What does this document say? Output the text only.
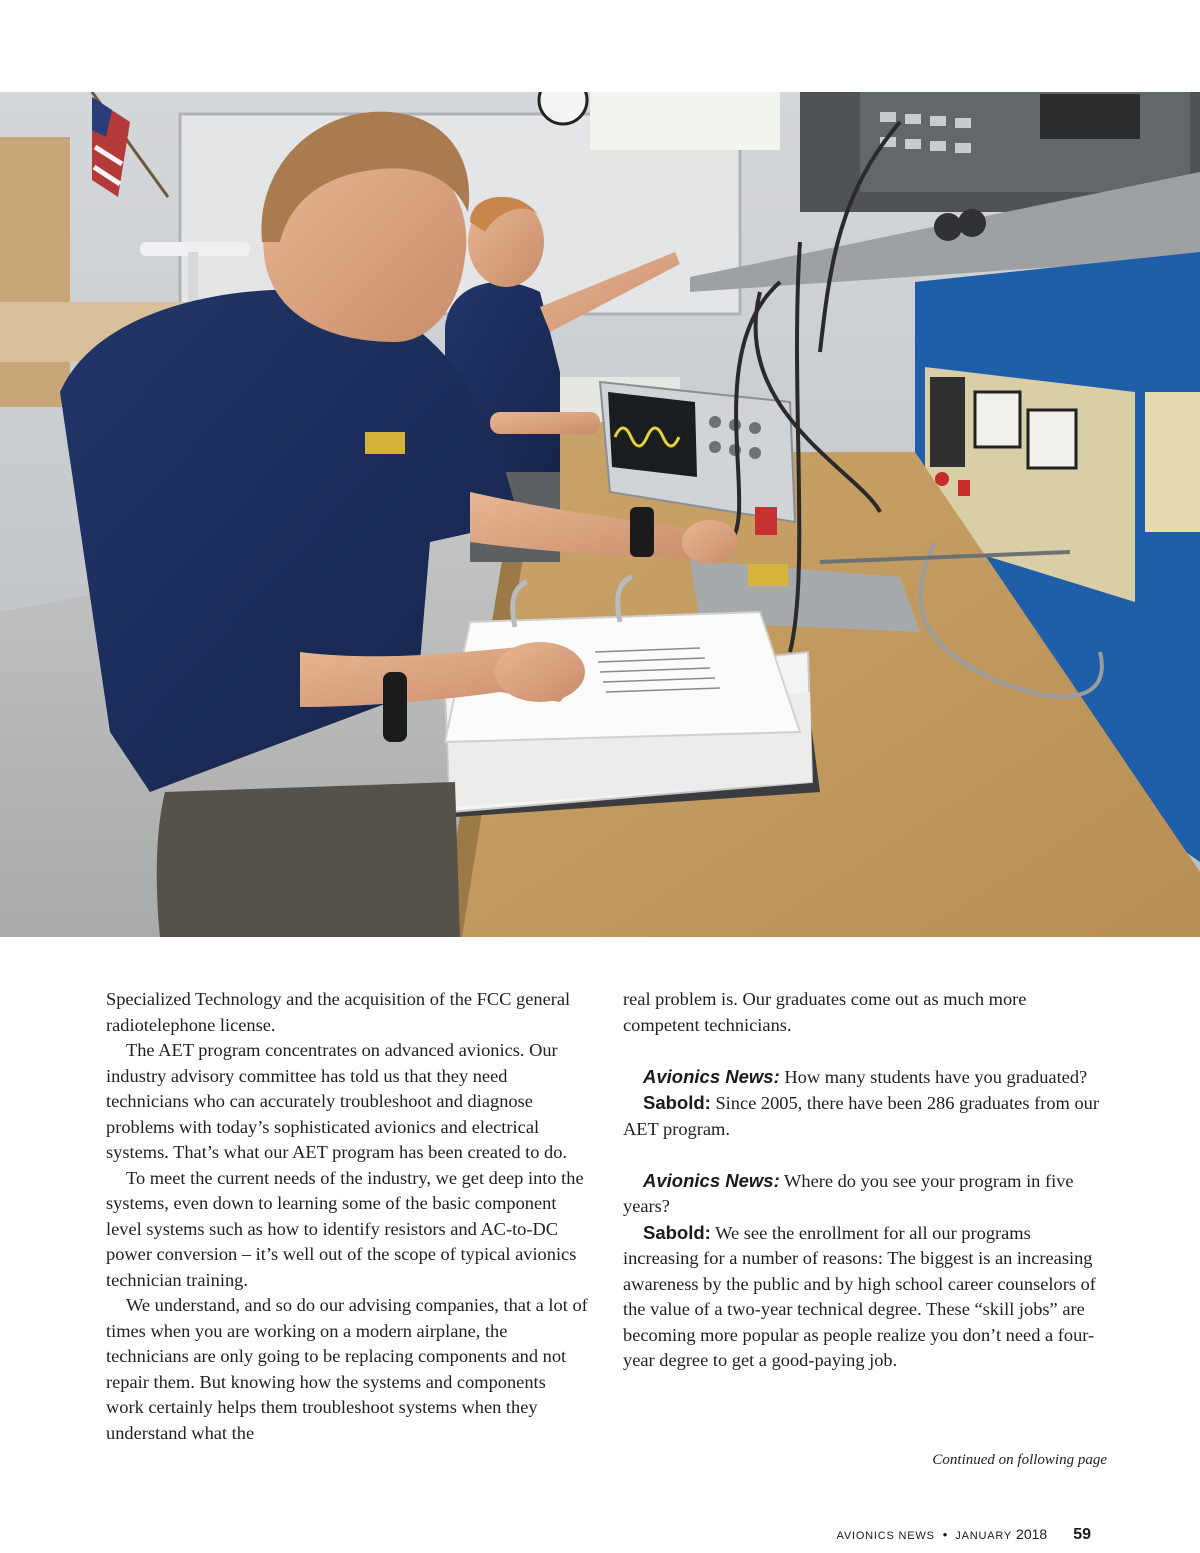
Specialized Technology and the acquisition of the FCC general radiotelephone license.

The AET program concentrates on advanced avionics. Our industry advisory committee has told us that they need technicians who can accurately troubleshoot and diagnose problems with today’s sophisticated avionics and electrical systems. That’s what our AET program has been created to do.

To meet the current needs of the industry, we get deep into the systems, even down to learning some of the basic component level systems such as how to identify resistors and AC-to-DC power conversion – it’s well out of the scope of typical avionics technician training.

We understand, and so do our advising companies, that a lot of times when you are working on a modern airplane, the technicians are only going to be replacing components and not repair them. But knowing how the systems and components work certainly helps them troubleshoot systems when they understand what the

real problem is. Our graduates come out as much more competent technicians.

Avionics News: How many students have you graduated?

Sabold: Since 2005, there have been 286 graduates from our AET program.

Avionics News: Where do you see your program in five years?

Sabold: We see the enrollment for all our programs increasing for a number of reasons: The biggest is an increasing awareness by the public and by high school career counselors of the value of a two-year technical degree. These “skill jobs” are becoming more popular as people realize you don’t need a four-year degree to get a good-paying job.

Continued on following page
AVIONICS NEWS • JANUARY 2018 59
